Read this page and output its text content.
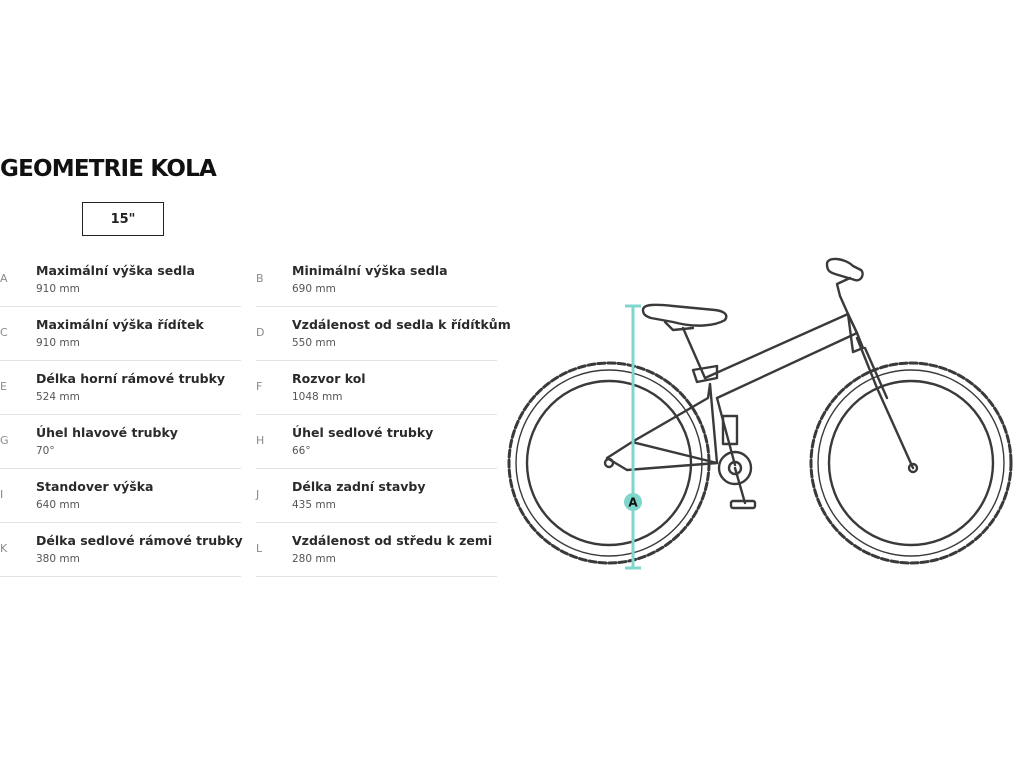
GEOMETRIE KOLA
15"
A
Maximální výška sedla
910 mm
B
Minimální výška sedla
690 mm
C
Maximální výška řídítek
910 mm
D
Vzdálenost od sedla k řídítkům
550 mm
E
Délka horní rámové trubky
524 mm
F
Rozvor kol
1048 mm
G
Úhel hlavové trubky
70°
H
Úhel sedlové trubky
66°
I
Standover výška
640 mm
J
Délka zadní stavby
435 mm
K
Délka sedlové rámové trubky
380 mm
L
Vzdálenost od středu k zemi
280 mm
A
